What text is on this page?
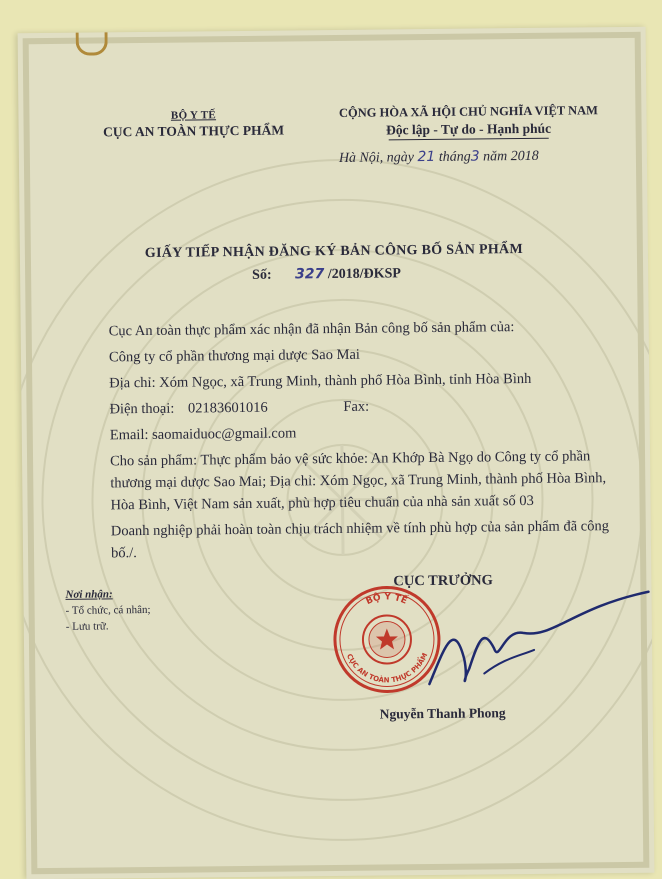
BỘ Y TẾ
CỤC AN TOÀN THỰC PHẨM
CỘNG HÒA XÃ HỘI CHỦ NGHĨA VIỆT NAM
Độc lập - Tự do - Hạnh phúc
Hà Nội, ngày 21 tháng3 năm 2018
GIẤY TIẾP NHẬN ĐĂNG KÝ BẢN CÔNG BỐ SẢN PHẨM
Số: 327 /2018/ĐKSP
Cục An toàn thực phẩm xác nhận đã nhận Bản công bố sản phẩm của:
Công ty cổ phần thương mại dược Sao Mai
Địa chỉ: Xóm Ngọc, xã Trung Minh, thành phố Hòa Bình, tỉnh Hòa Bình
Điện thoại: 02183601016	Fax:
Email: saomaiduoc@gmail.com
Cho sản phẩm: Thực phẩm bảo vệ sức khỏe: An Khớp Bà Ngọ do Công ty cổ phần thương mại dược Sao Mai; Địa chỉ: Xóm Ngọc, xã Trung Minh, thành phố Hòa Bình, Hòa Bình, Việt Nam sản xuất, phù hợp tiêu chuẩn của nhà sản xuất số 03
Doanh nghiệp phải hoàn toàn chịu trách nhiệm về tính phù hợp của sản phẩm đã công bố./.
Nơi nhận:
- Tổ chức, cá nhân;
- Lưu trữ.
BỘ Y TẾ
CỤC AN TOÀN THỰC PHẨM
CỤC TRƯỞNG
Nguyễn Thanh Phong
